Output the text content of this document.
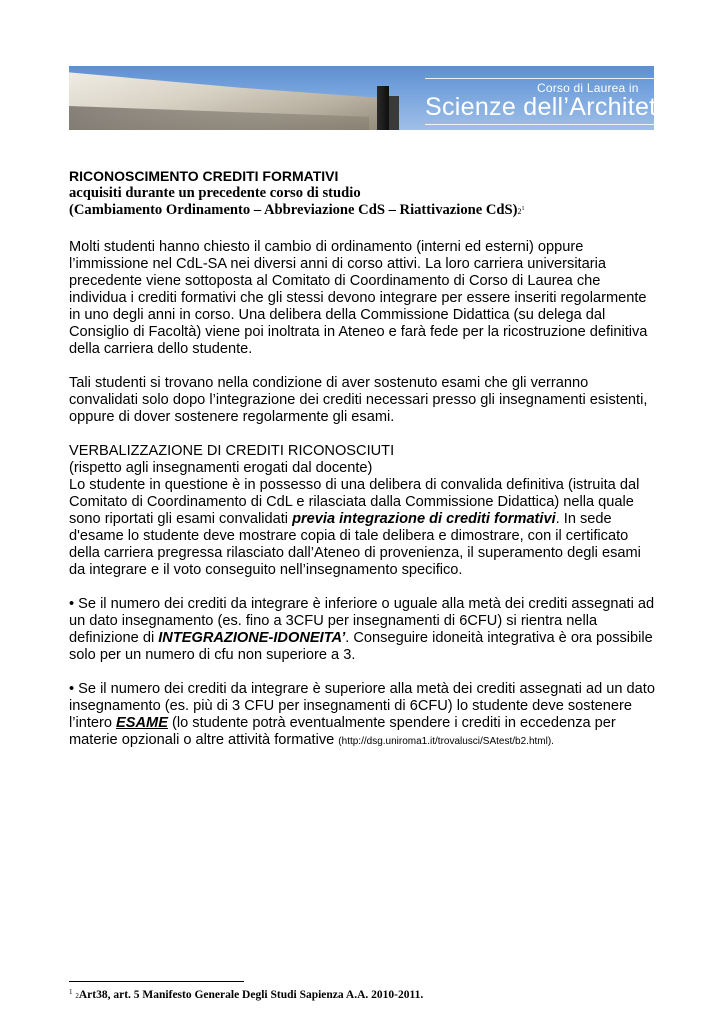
Corso di Laurea in
Scienze dell’Architettura

RICONOSCIMENTO CREDITI FORMATIVI

acquisiti durante un precedente corso di studio

(Cambiamento Ordinamento – Abbreviazione CdS – Riattivazione $CdS)2^1$

Molti studenti hanno chiesto il cambio di ordinamento (interni ed esterni) oppure

l’immissione nel CdL-SA nei diversi anni di corso attivi. La loro carriera universitaria

precedente viene sottoposta al Comitato di Coordinamento di Corso di Laurea che

individua i crediti formativi che gli stessi devono integrare per essere inseriti regolarmente

in uno degli anni in corso. Una delibera della Commissione Didattica (su delega dal

Consiglio di Facoltà) viene poi inoltrata in Ateneo e farà fede per la ricostruzione definitiva

della carriera dello studente.

Tali studenti si trovano nella condizione di aver sostenuto esami che gli verranno

convalidati solo dopo l’integrazione dei crediti necessari presso gli insegnamenti esistenti,

oppure di dover sostenere regolarmente gli esami.

VERBALIZZAZIONE DI CREDITI RICONOSCIUTI

(rispetto agli insegnamenti erogati dal docente)

Lo studente in questione è in possesso di una delibera di convalida definitiva (istruita dal

Comitato di Coordinamento di CdL e rilasciata dalla Commissione Didattica) nella quale

sono riportati gli esami convalidati previa integrazione di crediti formativi. In sede

d'esame lo studente deve mostrare copia di tale delibera e dimostrare, con il certificato

della carriera pregressa rilasciato dall’Ateneo di provenienza, il superamento degli esami

da integrare e il voto conseguito nell’insegnamento specifico.

• Se il numero dei crediti da integrare è inferiore o uguale alla metà dei crediti assegnati ad

un dato insegnamento (es. fino a 3CFU per insegnamenti di 6CFU) si rientra nella

definizione di INTEGRAZIONE-IDONEITA’. Conseguire idoneità integrativa è ora possibile

solo per un numero di cfu non superiore a 3.

• Se il numero dei crediti da integrare è superiore alla metà dei crediti assegnati ad un dato

insegnamento (es. più di 3 CFU per insegnamenti di 6CFU) lo studente deve sostenere

l’intero ESAME (lo studente potrà eventualmente spendere i crediti in eccedenza per

materie opzionali o altre attività formative (http://dsg.uniroma1.it/trovalusci/SAtest/b2.html).

$^1$ 2Art38, art. 5 Manifesto Generale Degli Studi Sapienza A.A. 2010-2011.
